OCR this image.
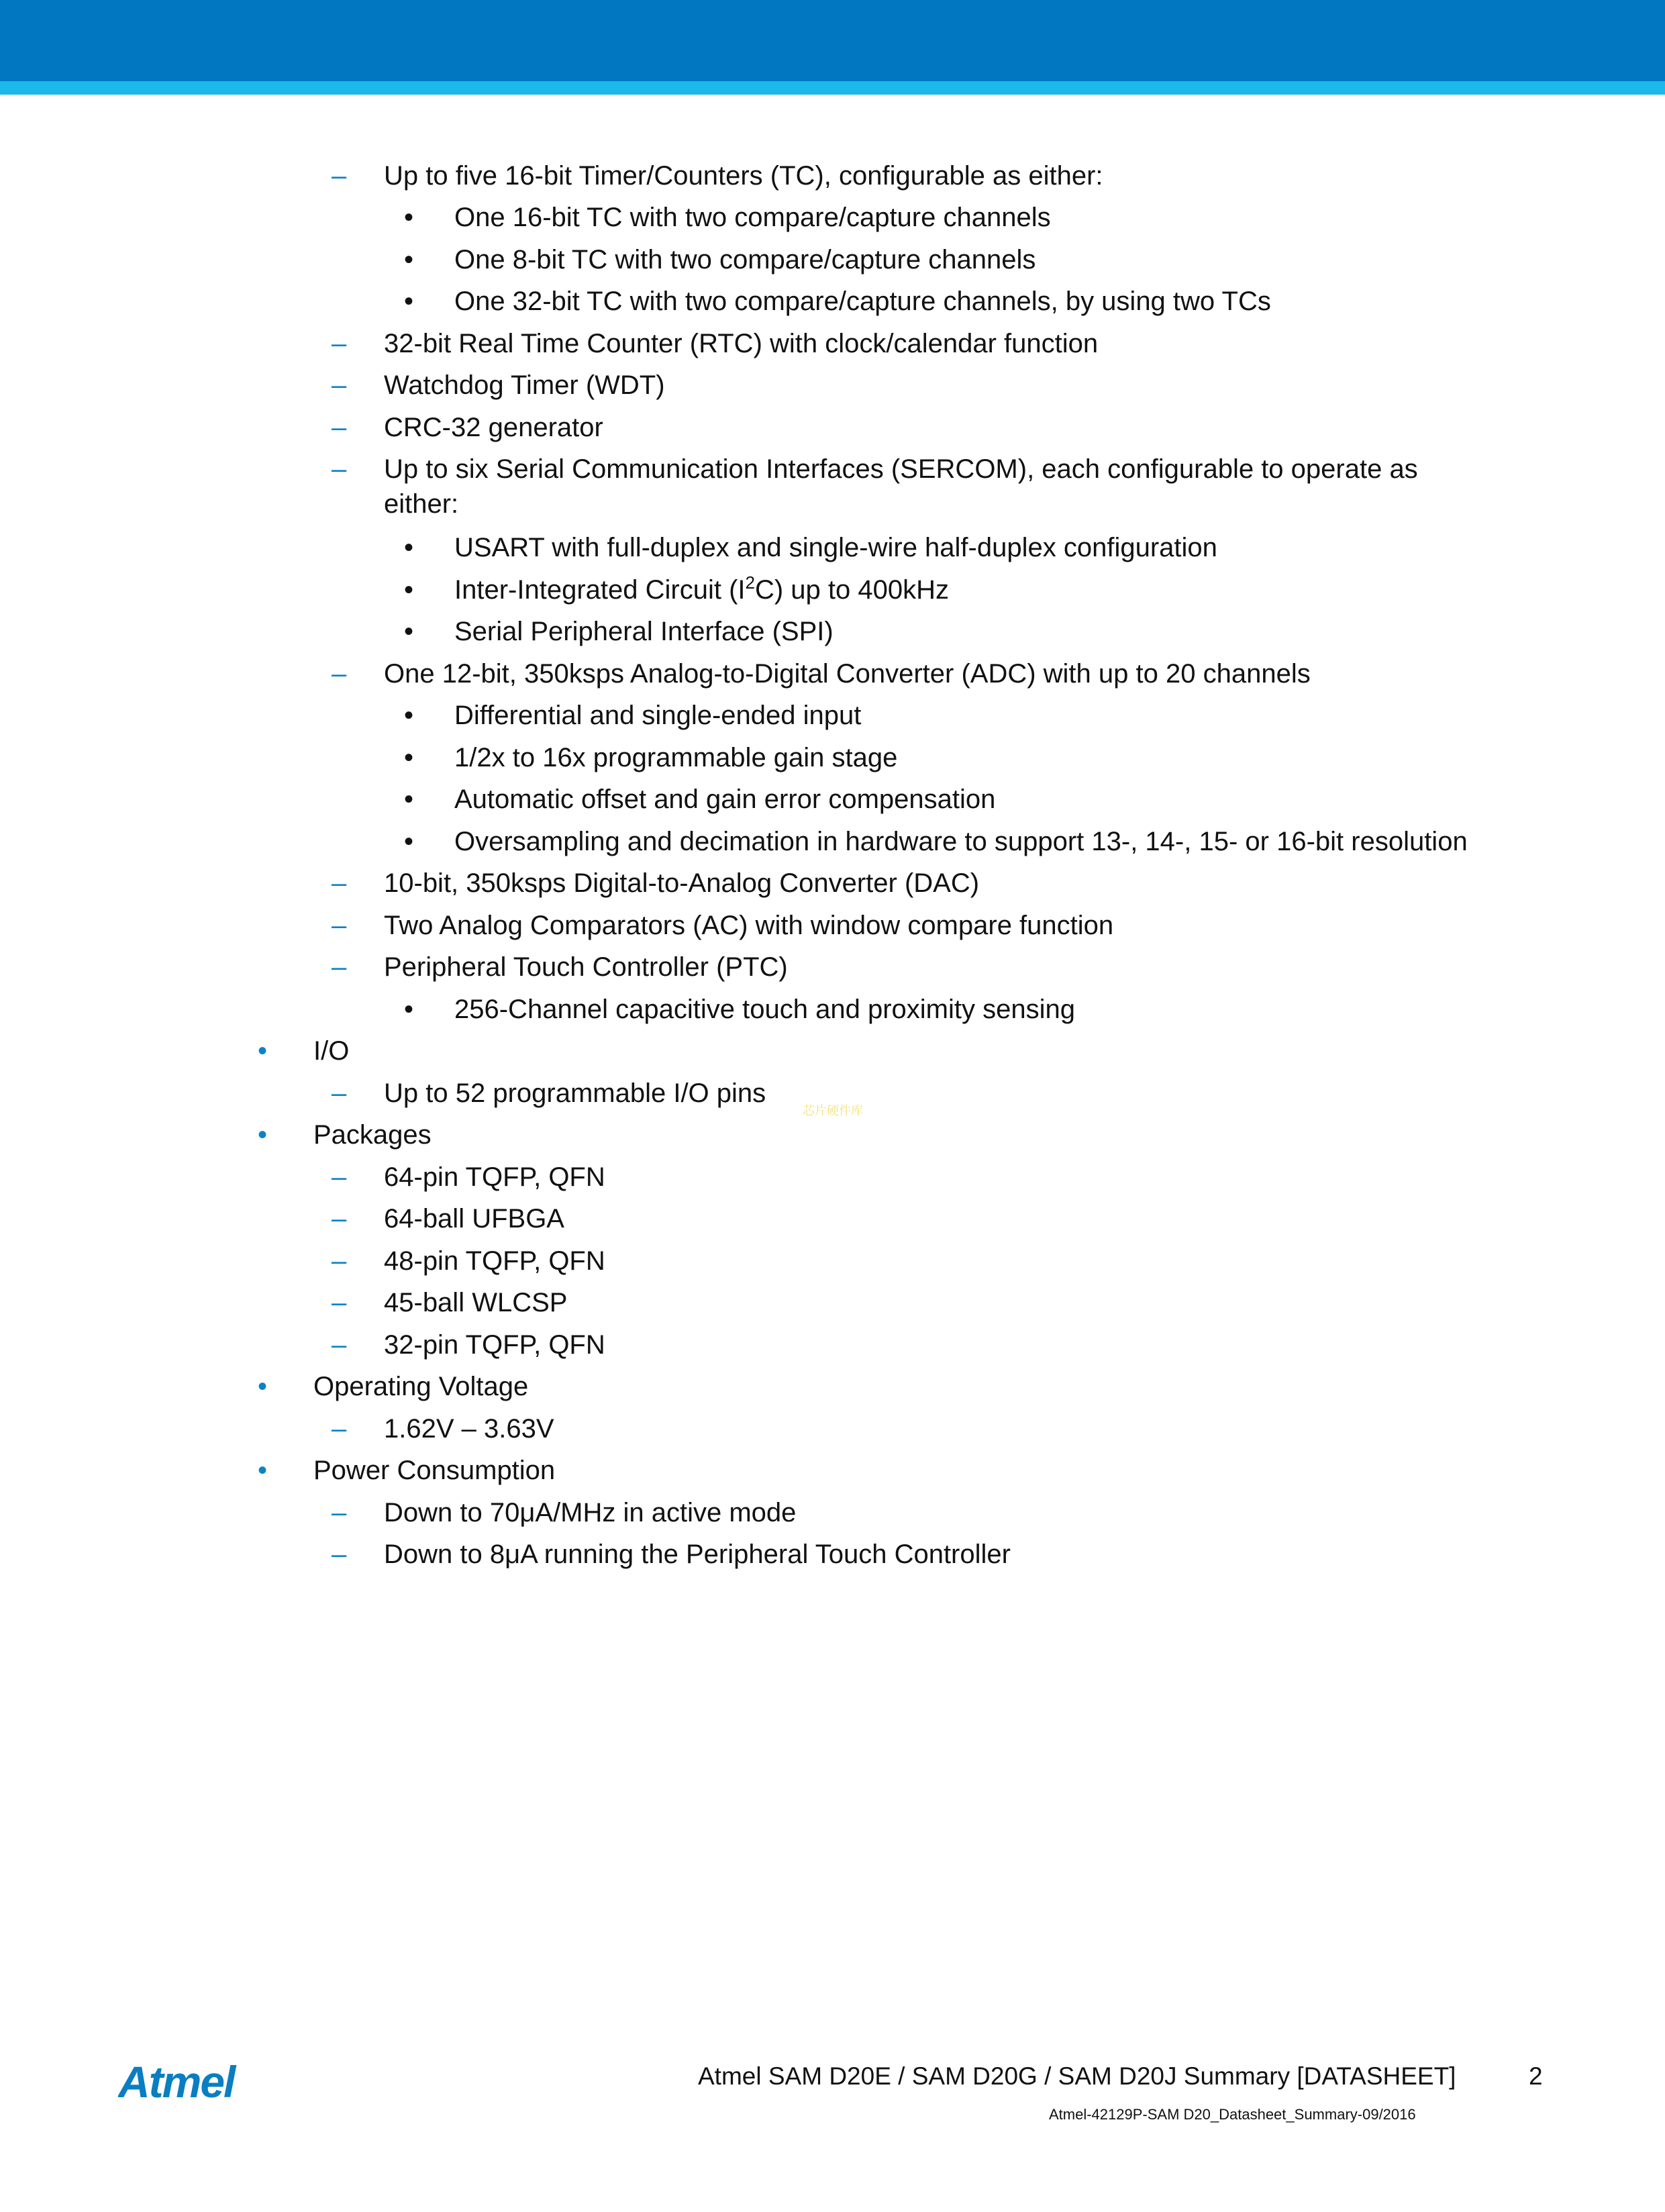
– Up to five 16-bit Timer/Counters (TC), configurable as either:
• One 16-bit TC with two compare/capture channels
• One 8-bit TC with two compare/capture channels
• One 32-bit TC with two compare/capture channels, by using two TCs
– 32-bit Real Time Counter (RTC) with clock/calendar function
– Watchdog Timer (WDT)
– CRC-32 generator
– Up to six Serial Communication Interfaces (SERCOM), each configurable to operate as
either:
• USART with full-duplex and single-wire half-duplex configuration
• Inter-Integrated Circuit $(I^2C)$ up to 400kHz
• Serial Peripheral Interface (SPI)
– One 12-bit, 350ksps Analog-to-Digital Converter (ADC) with up to 20 channels
• Differential and single-ended input
• 1/2x to 16x programmable gain stage
• Automatic offset and gain error compensation
• Oversampling and decimation in hardware to support 13-, 14-, 15- or 16-bit resolution
– 10-bit, 350ksps Digital-to-Analog Converter (DAC)
– Two Analog Comparators (AC) with window compare function
– Peripheral Touch Controller (PTC)
• 256-Channel capacitive touch and proximity sensing
• I/O
– Up to 52 programmable I/O pins
• Packages
– 64-pin TQFP, QFN
– 64-ball UFBGA
– 48-pin TQFP, QFN
– 45-ball WLCSP
– 32-pin TQFP, QFN
• Operating Voltage
– 1.62V – 3.63V
• Power Consumption
– Down to 70μA/MHz in active mode
– Down to 8μA running the Peripheral Touch Controller
芯片硬件库
Atmel	Atmel SAM D20E / SAM D20G / SAM D20J Summary [DATASHEET]	2
Atmel-42129P-SAM D20_Datasheet_Summary-09/2016
